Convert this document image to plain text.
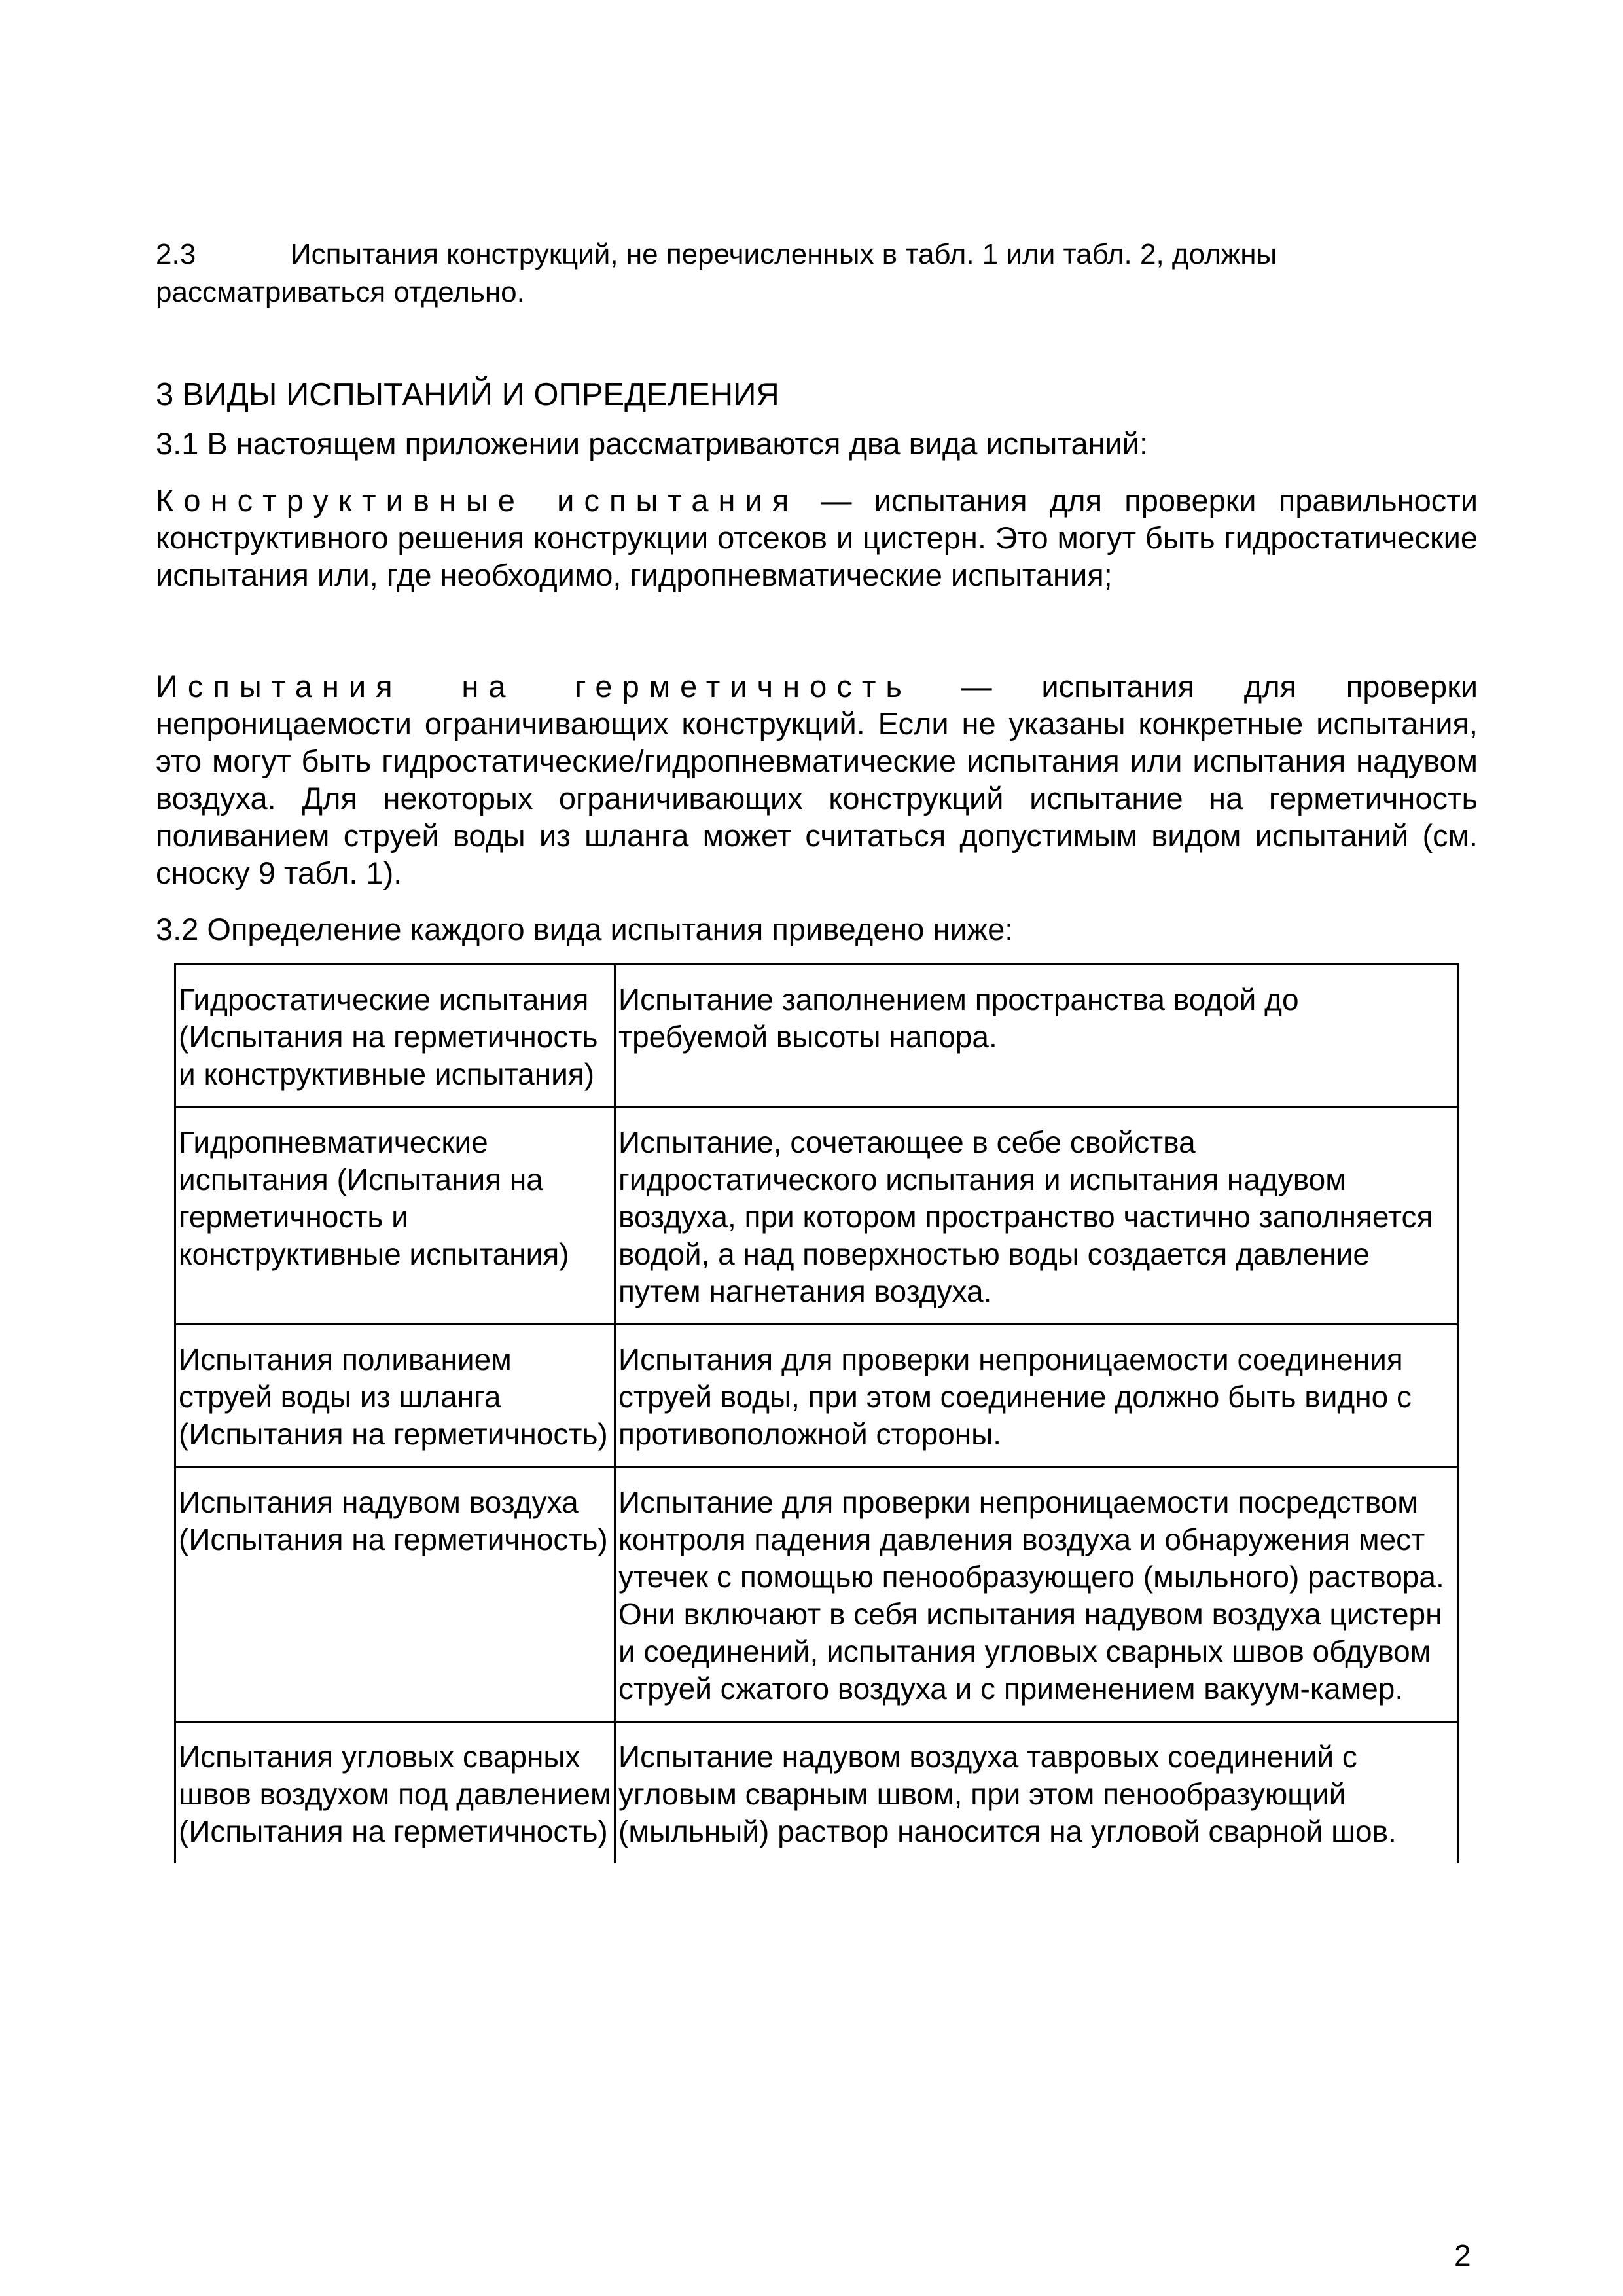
2.3	Испытания конструкций, не перечисленных в табл. 1 или табл. 2, должны рассматриваться отдельно.
3 ВИДЫ ИСПЫТАНИЙ И ОПРЕДЕЛЕНИЯ
3.1 В настоящем приложении рассматриваются два вида испытаний:
Конструктивные испытания — испытания для проверки правильности конструктивного решения конструкции отсеков и цистерн. Это могут быть гидростатические испытания или, где необходимо, гидропневматические испытания;
Испытания на герметичность — испытания для проверки непроницаемости ограничивающих конструкций. Если не указаны конкретные испытания, это могут быть гидростатические/гидропневматические испытания или испытания надувом воздуха. Для некоторых ограничивающих конструкций испытание на герметичность поливанием струей воды из шланга может считаться допустимым видом испытаний (см. сноску 9 табл. 1).
3.2 Определение каждого вида испытания приведено ниже:
Гидростатические испытания (Испытания на герметичность и конструктивные испытания)	Испытание заполнением пространства водой до требуемой высоты напора.
Гидропневматические испытания (Испытания на герметичность и конструктивные испытания)	Испытание, сочетающее в себе свойства гидростатического испытания и испытания надувом воздуха, при котором пространство частично заполняется водой, а над поверхностью воды создается давление путем нагнетания воздуха.
Испытания поливанием струей воды из шланга (Испытания на герметичность)	Испытания для проверки непроницаемости соединения струей воды, при этом соединение должно быть видно с противоположной стороны.
Испытания надувом воздуха (Испытания на герметичность)	Испытание для проверки непроницаемости посредством контроля падения давления воздуха и обнаружения мест утечек с помощью пенообразующего (мыльного) раствора. Они включают в себя испытания надувом воздуха цистерн и соединений, испытания угловых сварных швов обдувом струей сжатого воздуха и с применением вакуум-камер.
Испытания угловых сварных швов воздухом под давлением (Испытания на герметичность)	Испытание надувом воздуха тавровых соединений с угловым сварным швом, при этом пенообразующий (мыльный) раствор наносится на угловой сварной шов.
2
